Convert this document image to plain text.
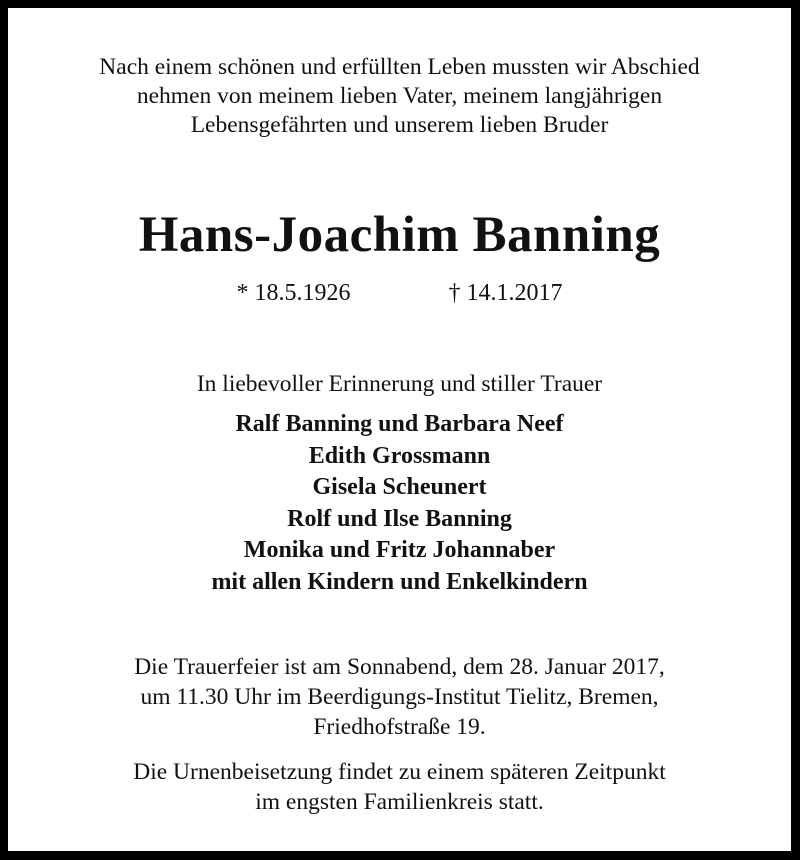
Nach einem schönen und erfüllten Leben mussten wir Abschied
nehmen von meinem lieben Vater, meinem langjährigen
Lebensgefährten und unserem lieben Bruder
Hans-Joachim Banning
* 18.5.1926	† 14.1.2017
In liebevoller Erinnerung und stiller Trauer
Ralf Banning und Barbara Neef
Edith Grossmann
Gisela Scheunert
Rolf und Ilse Banning
Monika und Fritz Johannaber
mit allen Kindern und Enkelkindern
Die Trauerfeier ist am Sonnabend, dem 28. Januar 2017,
um 11.30 Uhr im Beerdigungs-Institut Tielitz, Bremen,
Friedhofstraße 19.
Die Urnenbeisetzung findet zu einem späteren Zeitpunkt
im engsten Familienkreis statt.
